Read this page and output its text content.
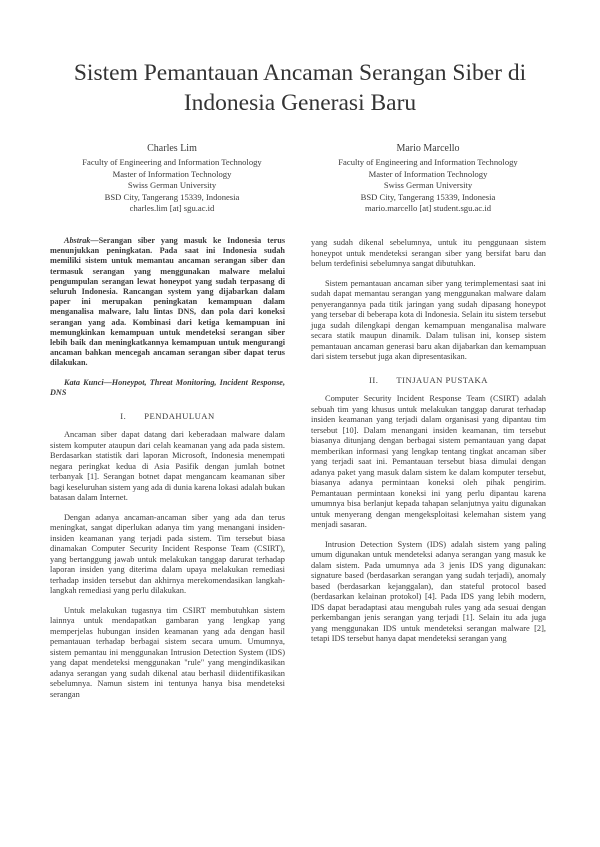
Sistem Pemantauan Ancaman Serangan Siber di
Indonesia Generasi Baru
Charles Lim
Faculty of Engineering and Information Technology
Master of Information Technology
Swiss German University
BSD City, Tangerang 15339, Indonesia
charles.lim [at] sgu.ac.id
Mario Marcello
Faculty of Engineering and Information Technology
Master of Information Technology
Swiss German University
BSD City, Tangerang 15339, Indonesia
mario.marcello [at] student.sgu.ac.id

Abstrak—Serangan siber yang masuk ke Indonesia terus menunjukkan peningkatan. Pada saat ini Indonesia sudah memiliki sistem untuk memantau ancaman serangan siber dan termasuk serangan yang menggunakan malware melalui pengumpulan serangan lewat honeypot yang sudah terpasang di seluruh Indonesia. Rancangan system yang dijabarkan dalam paper ini merupakan peningkatan kemampuan dalam menganalisa malware, lalu lintas DNS, dan pola dari koneksi serangan yang ada. Kombinasi dari ketiga kemampuan ini memungkinkan kemampuan untuk mendeteksi serangan siber lebih baik dan meningkatkannya kemampuan untuk mengurangi ancaman bahkan mencegah ancaman serangan siber dapat terus dilakukan.

Kata Kunci—Honeypot, Threat Monitoring, Incident Response, DNS

I. PENDAHULUAN

Ancaman siber dapat datang dari keberadaan malware dalam sistem komputer ataupun dari celah keamanan yang ada pada sistem. Berdasarkan statistik dari laporan Microsoft, Indonesia menempati negara peringkat kedua di Asia Pasifik dengan jumlah botnet terbanyak [1]. Serangan botnet dapat mengancam keamanan siber bagi keseluruhan sistem yang ada di dunia karena lokasi adalah bukan batasan dalam Internet.

Dengan adanya ancaman-ancaman siber yang ada dan terus meningkat, sangat diperlukan adanya tim yang menangani insiden-insiden keamanan yang terjadi pada sistem. Tim tersebut biasa dinamakan Computer Security Incident Response Team (CSIRT), yang bertanggung jawab untuk melakukan tanggap darurat terhadap laporan insiden yang diterima dalam upaya melakukan remediasi terhadap insiden tersebut dan akhirnya merekomendasikan langkah-langkah remediasi yang perlu dilakukan.

Untuk melakukan tugasnya tim CSIRT membutuhkan sistem lainnya untuk mendapatkan gambaran yang lengkap yang memperjelas hubungan insiden keamanan yang ada dengan hasil pemantauan terhadap berbagai sistem secara umum. Umumnya, sistem pemantau ini menggunakan Intrusion Detection System (IDS) yang dapat mendeteksi menggunakan "rule" yang mengindikasikan adanya serangan yang sudah dikenal atau berhasil diidentifikasikan sebelumnya. Namun sistem ini tentunya hanya bisa mendeteksi serangan

yang sudah dikenal sebelumnya, untuk itu penggunaan sistem honeypot untuk mendeteksi serangan siber yang bersifat baru dan belum terdefinisi sebelumnya sangat dibutuhkan.

Sistem pemantauan ancaman siber yang terimplementasi saat ini sudah dapat memantau serangan yang menggunakan malware dalam penyerangannya pada titik jaringan yang sudah dipasang honeypot yang tersebar di beberapa kota di Indonesia. Selain itu sistem tersebut juga sudah dilengkapi dengan kemampuan menganalisa malware secara statik maupun dinamik. Dalam tulisan ini, konsep sistem pemantauan ancaman generasi baru akan dijabarkan dan kemampuan dari sistem tersebut juga akan dipresentasikan.

II. TINJAUAN PUSTAKA

Computer Security Incident Response Team (CSIRT) adalah sebuah tim yang khusus untuk melakukan tanggap darurat terhadap insiden keamanan yang terjadi dalam organisasi yang dipantau tim tersebut [10]. Dalam menangani insiden keamanan, tim tersebut biasanya ditunjang dengan berbagai sistem pemantauan yang dapat memberikan informasi yang lengkap tentang tingkat ancaman siber yang terjadi saat ini. Pemantauan tersebut biasa dimulai dengan adanya paket yang masuk dalam sistem ke dalam komputer tersebut, biasanya adanya permintaan koneksi oleh pihak pengirim. Pemantauan permintaan koneksi ini yang perlu dipantau karena umumnya bisa berlanjut kepada tahapan selanjutnya yaitu digunakan untuk menyerang dengan mengeksploitasi kelemahan sistem yang menjadi sasaran.

Intrusion Detection System (IDS) adalah sistem yang paling umum digunakan untuk mendeteksi adanya serangan yang masuk ke dalam sistem. Pada umumnya ada 3 jenis IDS yang digunakan: signature based (berdasarkan serangan yang sudah terjadi), anomaly based (berdasarkan kejanggalan), dan stateful protocol based (berdasarkan kelainan protokol) [4]. Pada IDS yang lebih modern, IDS dapat beradaptasi atau mengubah rules yang ada sesuai dengan perkembangan jenis serangan yang terjadi [1]. Selain itu ada juga yang menggunakan IDS untuk mendeteksi serangan malware [2], tetapi IDS tersebut hanya dapat mendeteksi serangan yang
